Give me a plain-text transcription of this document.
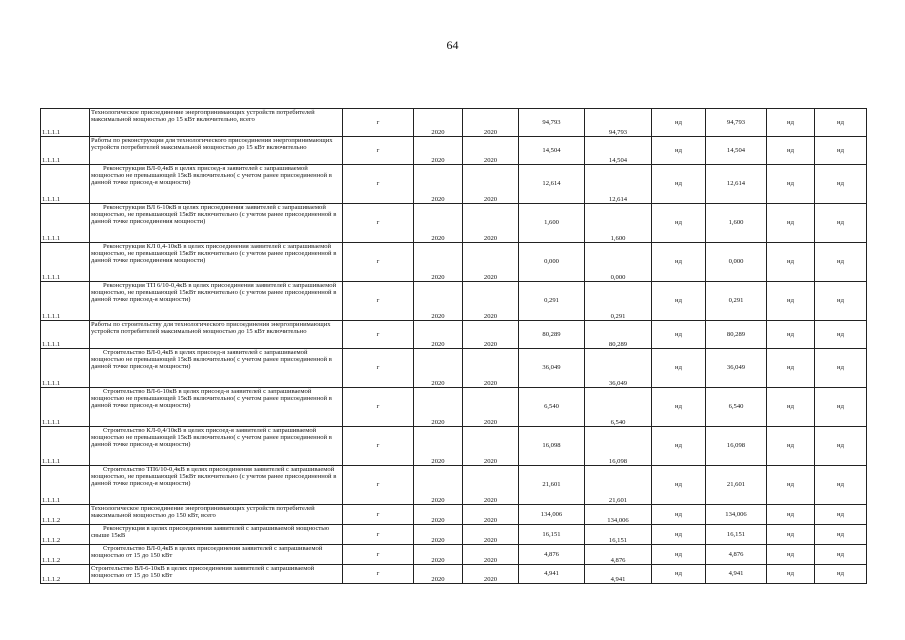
64
1.1.1.1	Технологическое присоединение энергопринимающих устройств потребителей максимальной мощностью до 15 кВт включительно, всего	г	2020	2020	94,793	94,793	нд	94,793	нд	нд
1.1.1.1	Работы по реконструкции для технологического присоединения энергопринимающих устройств потребителей максимальной мощностью до 15 кВт включительно	г	2020	2020	14,504	14,504	нд	14,504	нд	нд
1.1.1.1	Реконструкция ВЛ-0,4кВ в целях присоед-я заявителей с запрашиваемой мощностью не превышающей 15кВ включительно( с учетом ранее присоединенной в данной точке присоед-я мощности)	г	2020	2020	12,614	12,614	нд	12,614	нд	нд
1.1.1.1	Реконструкция ВЛ 6-10кВ в целях присоединения заявителей с запрашиваемой мощностью, не превышающей 15кВт включительно (с учетом ранее присоединенной в данной точке присоединения мощности)	г	2020	2020	1,600	1,600	нд	1,600	нд	нд
1.1.1.1	Реконструкция КЛ 0,4-10кВ в целях присоединения заявителей с запрашиваемой мощностью, не превышающей 15кВт включительно (с учетом ранее присоединенной в данной точке присоединения мощности)	г	2020	2020	0,000	0,000	нд	0,000	нд	нд
1.1.1.1	Реконструкция ТП 6/10-0,4кВ в целях присоединения заявителей с запрашиваемой мощностью, не превышающей 15кВт включительно (с учетом ранее присоединенной в данной точке присоед-я мощности)	г	2020	2020	0,291	0,291	нд	0,291	нд	нд
1.1.1.1	Работы по строительству для технологического присоединения энергопринимающих устройств потребителей максимальной мощностью до 15 кВт включительно	г	2020	2020	80,289	80,289	нд	80,289	нд	нд
1.1.1.1	Строительство ВЛ-0,4кВ в целях присоед-я заявителей с запрашиваемой мощностью не превышающей 15кВ включительно( с учетом ранее присоединенной в данной точке присоед-я мощности)	г	2020	2020	36,049	36,049	нд	36,049	нд	нд
1.1.1.1	Строительство ВЛ-6-10кВ в целях присоед-я заявителей с запрашиваемой мощностью не превышающей 15кВ включительно( с учетом ранее присоединенной в данной точке присоед-я мощности)	г	2020	2020	6,540	6,540	нд	6,540	нд	нд
1.1.1.1	Строительство КЛ-0,4/10кВ в целях присоед-я заявителей с запрашиваемой мощностью не превышающей 15кВ включительно( с учетом ранее присоединенной в данной точке присоед-я мощности)	г	2020	2020	16,098	16,098	нд	16,098	нд	нд
1.1.1.1	Строительство ТП6/10-0,4кВ в целях присоединения заявителей с запрашиваемой мощностью, не превышающей 15кВт включительно (с учетом ранее присоединенной в данной точке присоед-я мощности)	г	2020	2020	21,601	21,601	нд	21,601	нд	нд
1.1.1.2	Технологическое присоединение энергопринимающих устройств потребителей максимальной мощностью до 150 кВт, всего	г	2020	2020	134,006	134,006	нд	134,006	нд	нд
1.1.1.2	Реконструкция в целях присоединения заявителей с запрашиваемой мощностью свыше 15кВ	г	2020	2020	16,151	16,151	нд	16,151	нд	нд
1.1.1.2	Строительство ВЛ-0,4кВ в целях присоединения заявителей с запрашиваемой мощностью от 15 до 150 кВт	г	2020	2020	4,876	4,876	нд	4,876	нд	нд
1.1.1.2	Строительство ВЛ-6-10кВ в целях присоединения заявителей с запрашиваемой мощностью от 15 до 150 кВт	г	2020	2020	4,941	4,941	нд	4,941	нд	нд
